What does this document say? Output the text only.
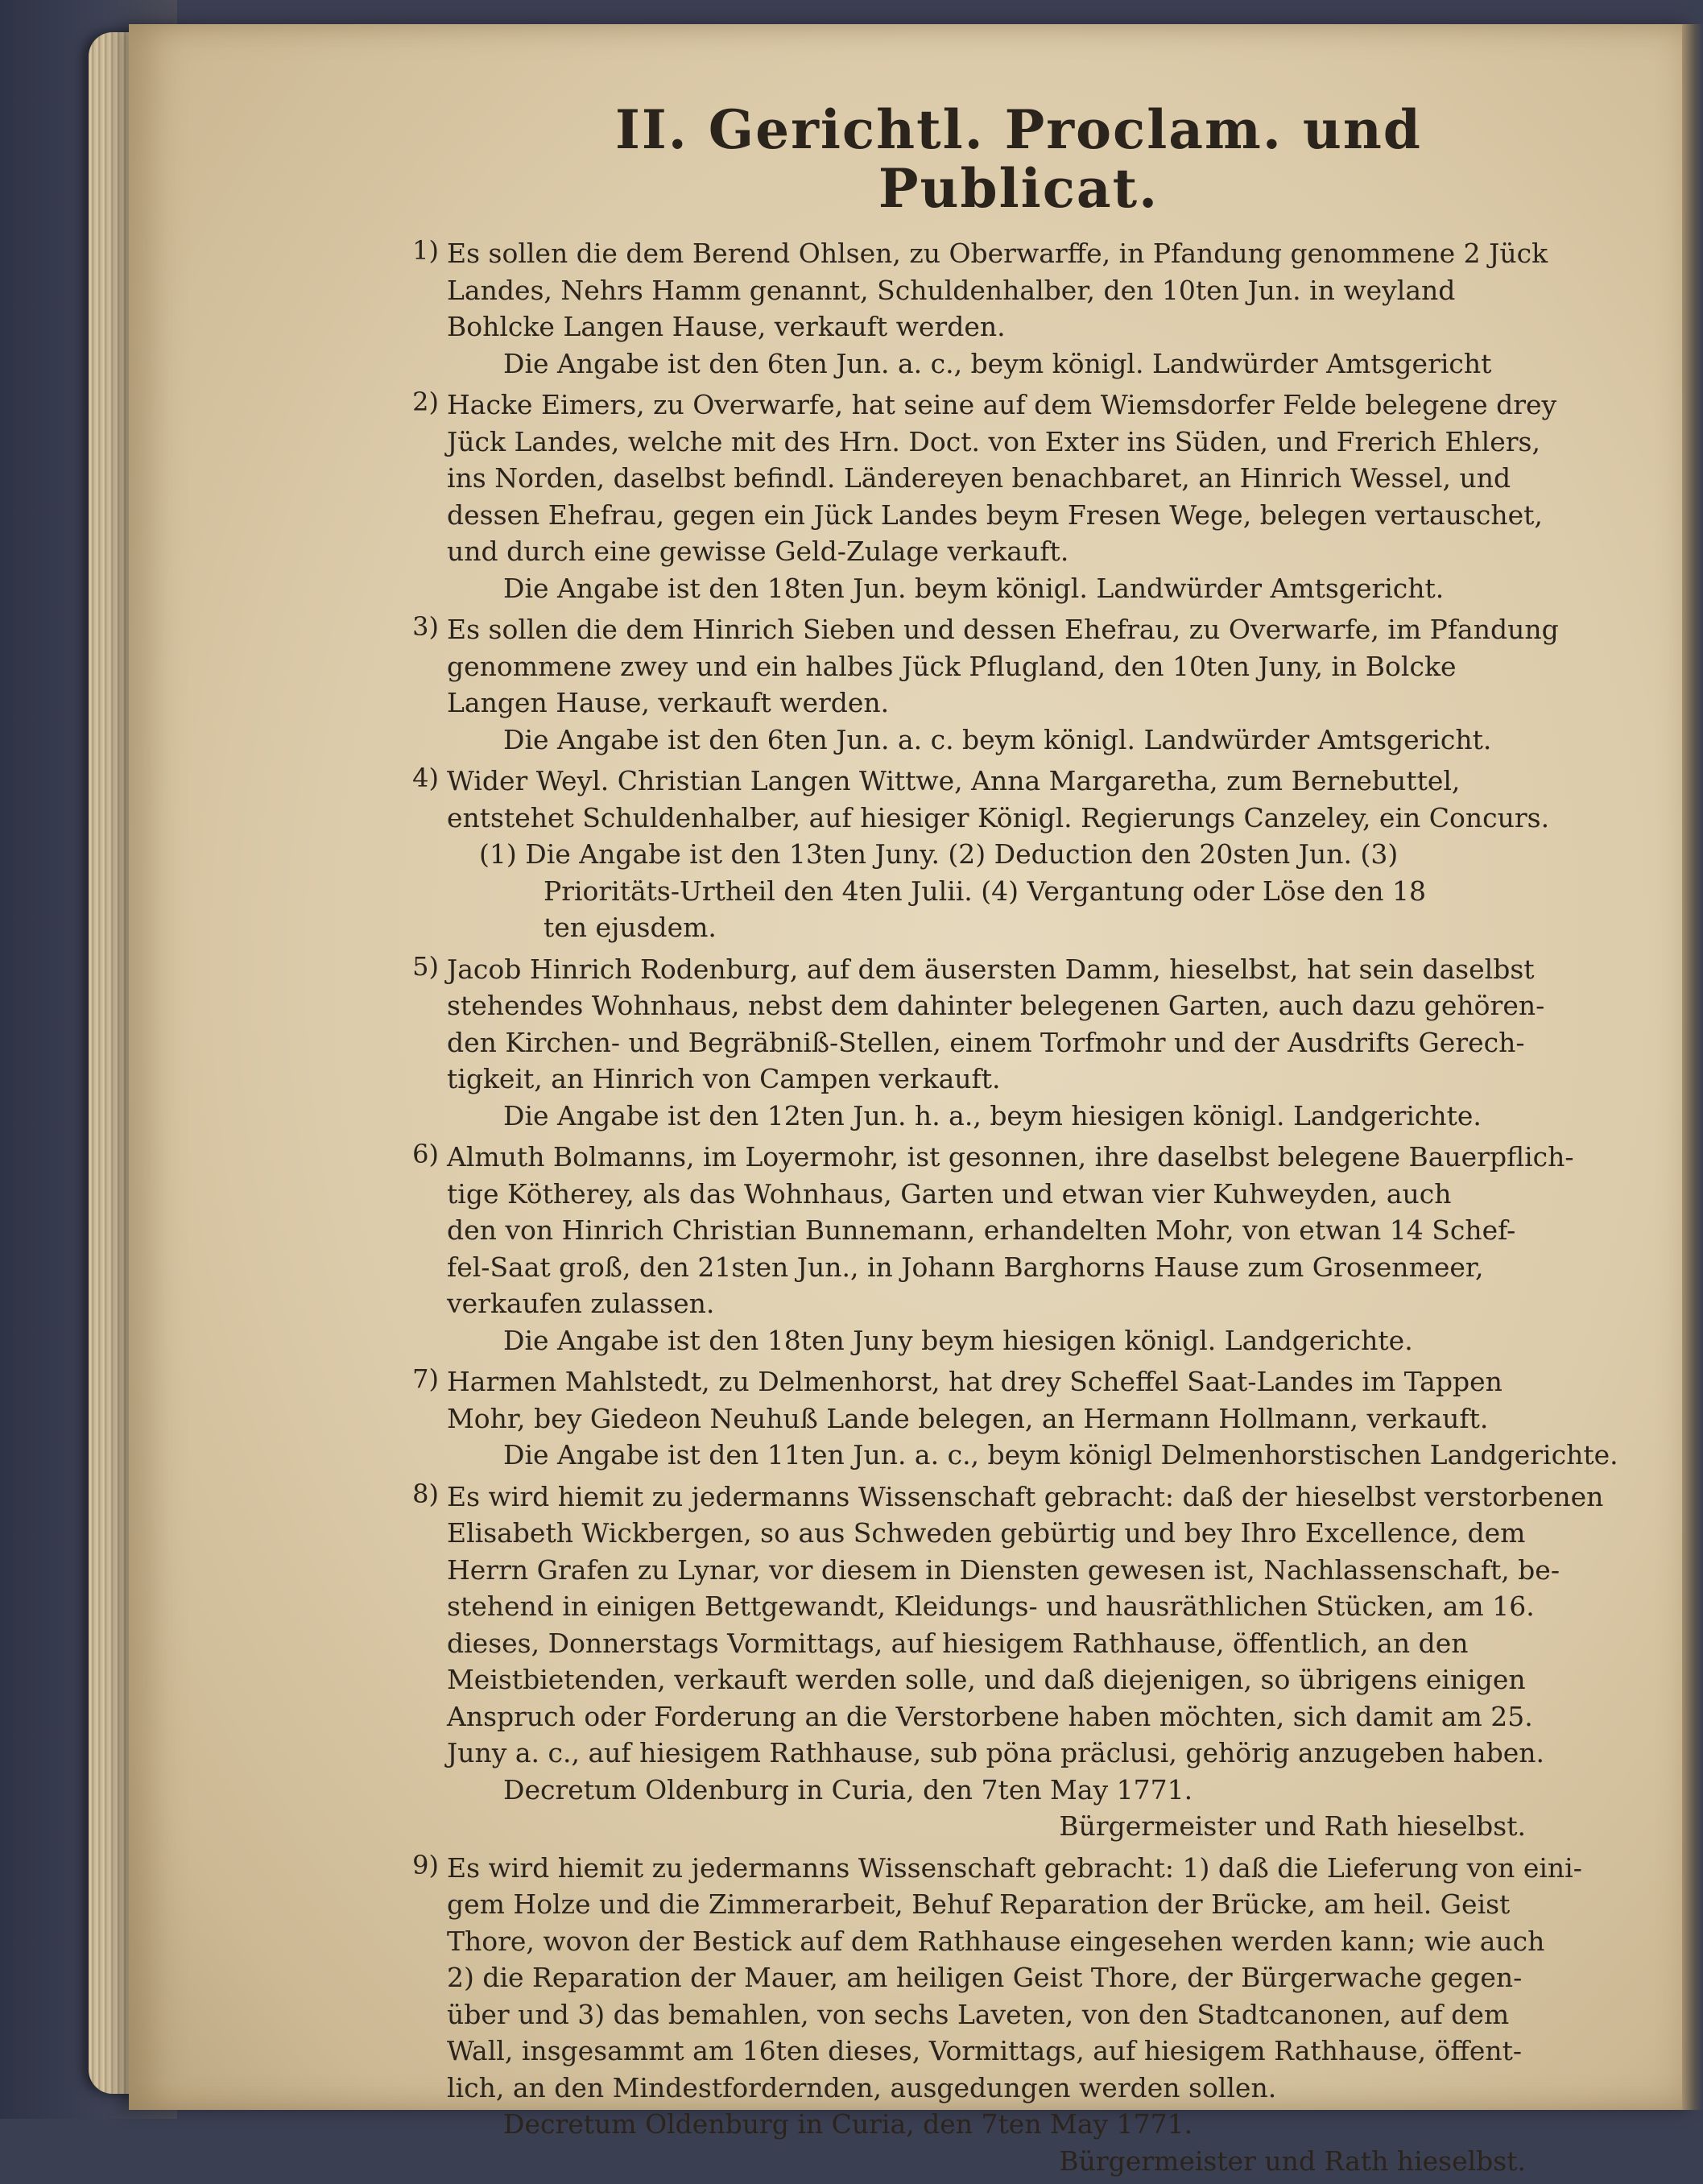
II. Gerichtl. Proclam. und Publicat.
1) Es sollen die dem Berend Ohlsen, zu Oberwarffe, in Pfandung genommene 2 Jück
Landes, Nehrs Hamm genannt, Schuldenhalber, den 10ten Jun. in weyland
Bohlcke Langen Hause, verkauft werden.
Die Angabe ist den 6ten Jun. a. c., beym königl. Landwürder Amtsgericht
2) Hacke Eimers, zu Overwarfe, hat seine auf dem Wiemsdorfer Felde belegene drey
Jück Landes, welche mit des Hrn. Doct. von Exter ins Süden, und Frerich Ehlers,
ins Norden, daselbst befindl. Ländereyen benachbaret, an Hinrich Wessel, und
dessen Ehefrau, gegen ein Jück Landes beym Fresen Wege, belegen vertauschet,
und durch eine gewisse Geld-Zulage verkauft.
Die Angabe ist den 18ten Jun. beym königl. Landwürder Amtsgericht.
3) Es sollen die dem Hinrich Sieben und dessen Ehefrau, zu Overwarfe, im Pfandung
genommene zwey und ein halbes Jück Pflugland, den 10ten Juny, in Bolcke
Langen Hause, verkauft werden.
Die Angabe ist den 6ten Jun. a. c. beym königl. Landwürder Amtsgericht.
4) Wider Weyl. Christian Langen Wittwe, Anna Margaretha, zum Bernebuttel,
entstehet Schuldenhalber, auf hiesiger Königl. Regierungs Canzeley, ein Concurs.
(1) Die Angabe ist den 13ten Juny. (2) Deduction den 20sten Jun. (3)
Prioritäts-Urtheil den 4ten Julii. (4) Vergantung oder Löse den 18
ten ejusdem.
5) Jacob Hinrich Rodenburg, auf dem äusersten Damm, hieselbst, hat sein daselbst
stehendes Wohnhaus, nebst dem dahinter belegenen Garten, auch dazu gehören-
den Kirchen- und Begräbniß-Stellen, einem Torfmohr und der Ausdrifts Gerech-
tigkeit, an Hinrich von Campen verkauft.
Die Angabe ist den 12ten Jun. h. a., beym hiesigen königl. Landgerichte.
6) Almuth Bolmanns, im Loyermohr, ist gesonnen, ihre daselbst belegene Bauerpflich-
tige Kötherey, als das Wohnhaus, Garten und etwan vier Kuhweyden, auch
den von Hinrich Christian Bunnemann, erhandelten Mohr, von etwan 14 Schef-
fel-Saat groß, den 21sten Jun., in Johann Barghorns Hause zum Grosenmeer,
verkaufen zulassen.
Die Angabe ist den 18ten Juny beym hiesigen königl. Landgerichte.
7) Harmen Mahlstedt, zu Delmenhorst, hat drey Scheffel Saat-Landes im Tappen
Mohr, bey Giedeon Neuhuß Lande belegen, an Hermann Hollmann, verkauft.
Die Angabe ist den 11ten Jun. a. c., beym königl Delmenhorstischen Landgerichte.
8) Es wird hiemit zu jedermanns Wissenschaft gebracht: daß der hieselbst verstorbenen
Elisabeth Wickbergen, so aus Schweden gebürtig und bey Ihro Excellence, dem
Herrn Grafen zu Lynar, vor diesem in Diensten gewesen ist, Nachlassenschaft, be-
stehend in einigen Bettgewandt, Kleidungs- und hausräthlichen Stücken, am 16.
dieses, Donnerstags Vormittags, auf hiesigem Rathhause, öffentlich, an den
Meistbietenden, verkauft werden solle, und daß diejenigen, so übrigens einigen
Anspruch oder Forderung an die Verstorbene haben möchten, sich damit am 25.
Juny a. c., auf hiesigem Rathhause, sub pöna präclusi, gehörig anzugeben haben.
Decretum Oldenburg in Curia, den 7ten May 1771.
Bürgermeister und Rath hieselbst.
9) Es wird hiemit zu jedermanns Wissenschaft gebracht: 1) daß die Lieferung von eini-
gem Holze und die Zimmerarbeit, Behuf Reparation der Brücke, am heil. Geist
Thore, wovon der Bestick auf dem Rathhause eingesehen werden kann; wie auch
2) die Reparation der Mauer, am heiligen Geist Thore, der Bürgerwache gegen-
über und 3) das bemahlen, von sechs Laveten, von den Stadtcanonen, auf dem
Wall, insgesammt am 16ten dieses, Vormittags, auf hiesigem Rathhause, öffent-
lich, an den Mindestfordernden, ausgedungen werden sollen.
Decretum Oldenburg in Curia, den 7ten May 1771.
Bürgermeister und Rath hieselbst.
